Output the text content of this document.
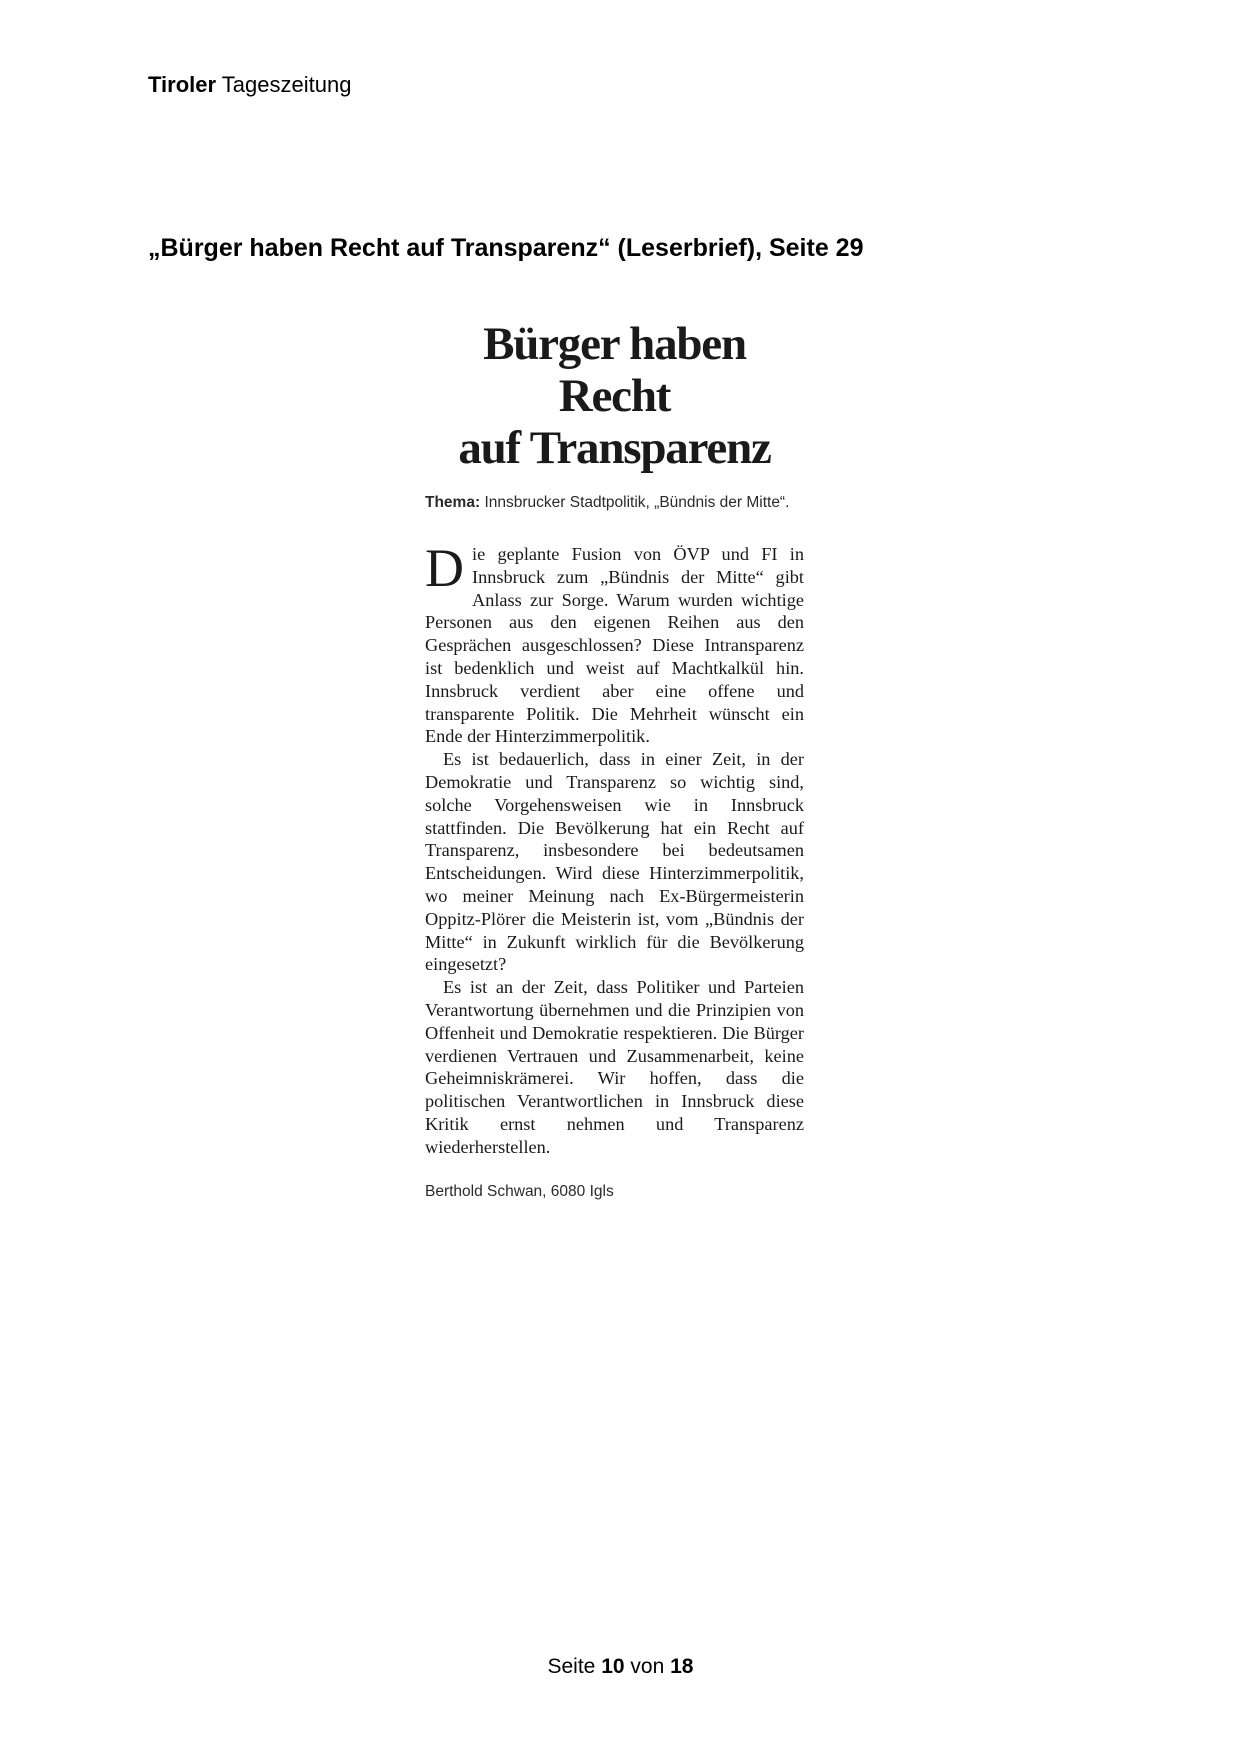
Tiroler Tageszeitung
„Bürger haben Recht auf Transparenz“ (Leserbrief), Seite 29
Bürger haben Recht
auf Transparenz
Thema: Innsbrucker Stadtpolitik, „Bündnis der Mitte“.

Die geplante Fusion von ÖVP und FI in Innsbruck zum „Bündnis der Mitte“ gibt Anlass zur Sorge. Warum wurden wichtige Personen aus den eigenen Reihen aus den Gesprächen ausgeschlossen? Diese Intransparenz ist bedenklich und weist auf Machtkalkül hin. Innsbruck verdient aber eine offene und transparente Politik. Die Mehrheit wünscht ein Ende der Hinterzimmerpolitik.

Es ist bedauerlich, dass in einer Zeit, in der Demokratie und Transparenz so wichtig sind, solche Vorgehensweisen wie in Innsbruck stattfinden. Die Bevölkerung hat ein Recht auf Transparenz, insbesondere bei bedeutsamen Entscheidungen. Wird diese Hinterzimmerpolitik, wo meiner Meinung nach Ex-Bürgermeisterin Oppitz-Plörer die Meisterin ist, vom „Bündnis der Mitte“ in Zukunft wirklich für die Bevölkerung eingesetzt?

Es ist an der Zeit, dass Politiker und Parteien Verantwortung übernehmen und die Prinzipien von Offenheit und Demokratie respektieren. Die Bürger verdienen Vertrauen und Zusammenarbeit, keine Geheimniskrämerei. Wir hoffen, dass die politischen Verantwortlichen in Innsbruck diese Kritik ernst nehmen und Transparenz wiederherstellen.

Berthold Schwan, 6080 Igls
Seite 10 von 18
